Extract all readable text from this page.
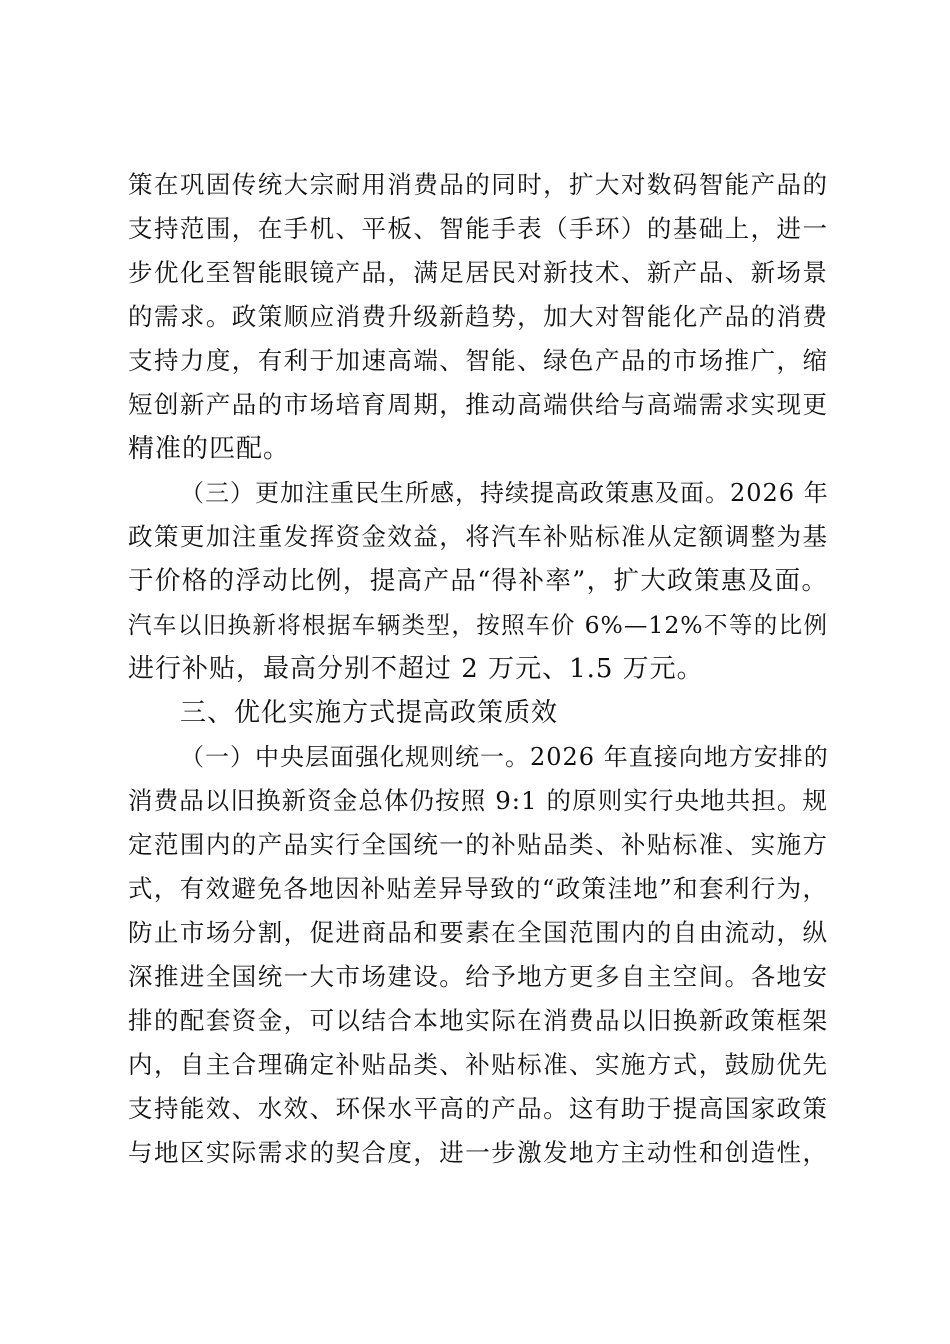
策在巩固传统大宗耐用消费品的同时，扩大对数码智能产品的
支持范围，在手机、平板、智能手表（手环）的基础上，进一
步优化至智能眼镜产品，满足居民对新技术、新产品、新场景
的需求。政策顺应消费升级新趋势，加大对智能化产品的消费
支持力度，有利于加速高端、智能、绿色产品的市场推广，缩
短创新产品的市场培育周期，推动高端供给与高端需求实现更
精准的匹配。
（三）更加注重民生所感，持续提高政策惠及面。2026 年
政策更加注重发挥资金效益，将汽车补贴标准从定额调整为基
于价格的浮动比例，提高产品“得补率”，扩大政策惠及面。
汽车以旧换新将根据车辆类型，按照车价 6%—12%不等的比例
进行补贴，最高分别不超过 2 万元、1.5 万元。
三、优化实施方式提高政策质效
（一）中央层面强化规则统一。2026 年直接向地方安排的
消费品以旧换新资金总体仍按照 9:1 的原则实行央地共担。规
定范围内的产品实行全国统一的补贴品类、补贴标准、实施方
式，有效避免各地因补贴差异导致的“政策洼地”和套利行为，
防止市场分割，促进商品和要素在全国范围内的自由流动，纵
深推进全国统一大市场建设。给予地方更多自主空间。各地安
排的配套资金，可以结合本地实际在消费品以旧换新政策框架
内，自主合理确定补贴品类、补贴标准、实施方式，鼓励优先
支持能效、水效、环保水平高的产品。这有助于提高国家政策
与地区实际需求的契合度，进一步激发地方主动性和创造性，
